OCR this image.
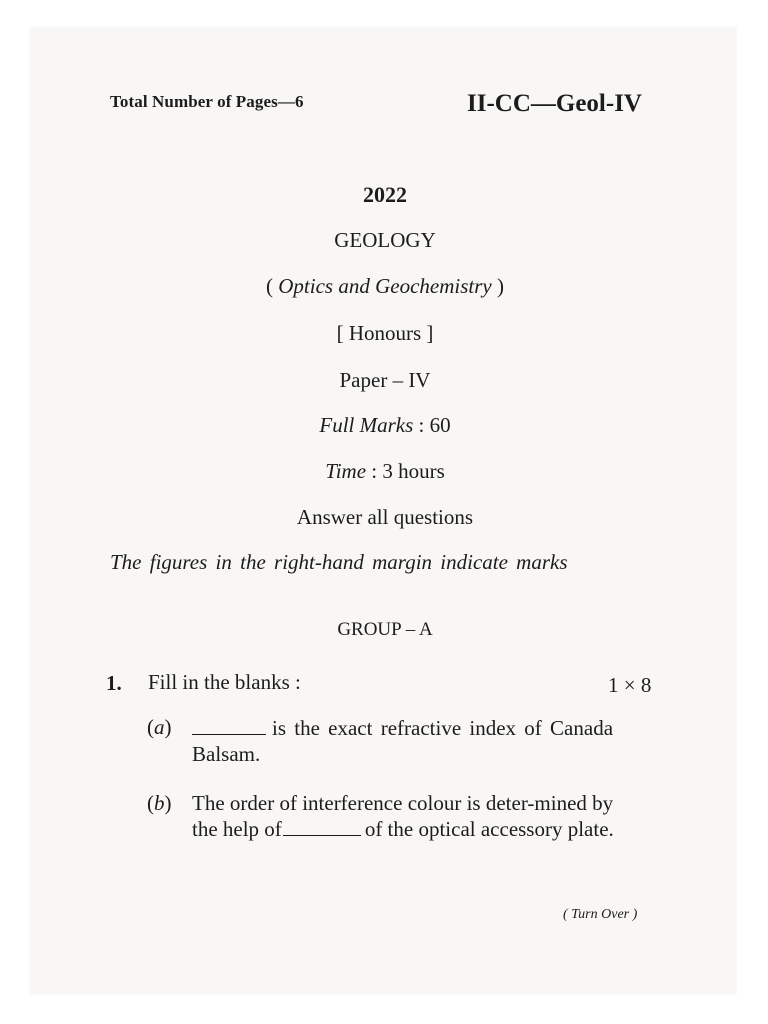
Total Number of Pages—6	II-CC—Geol-IV
2022
GEOLOGY
( Optics and Geochemistry )
[ Honours ]
Paper – IV
Full Marks : 60
Time : 3 hours
Answer all questions
The figures in the right-hand margin indicate marks
GROUP – A
1. Fill in the blanks :	1 × 8
(a)	is the exact refractive index of Canada Balsam.
(b) The order of interference colour is deter-mined by the help of	of the optical accessory plate.
( Turn Over )
